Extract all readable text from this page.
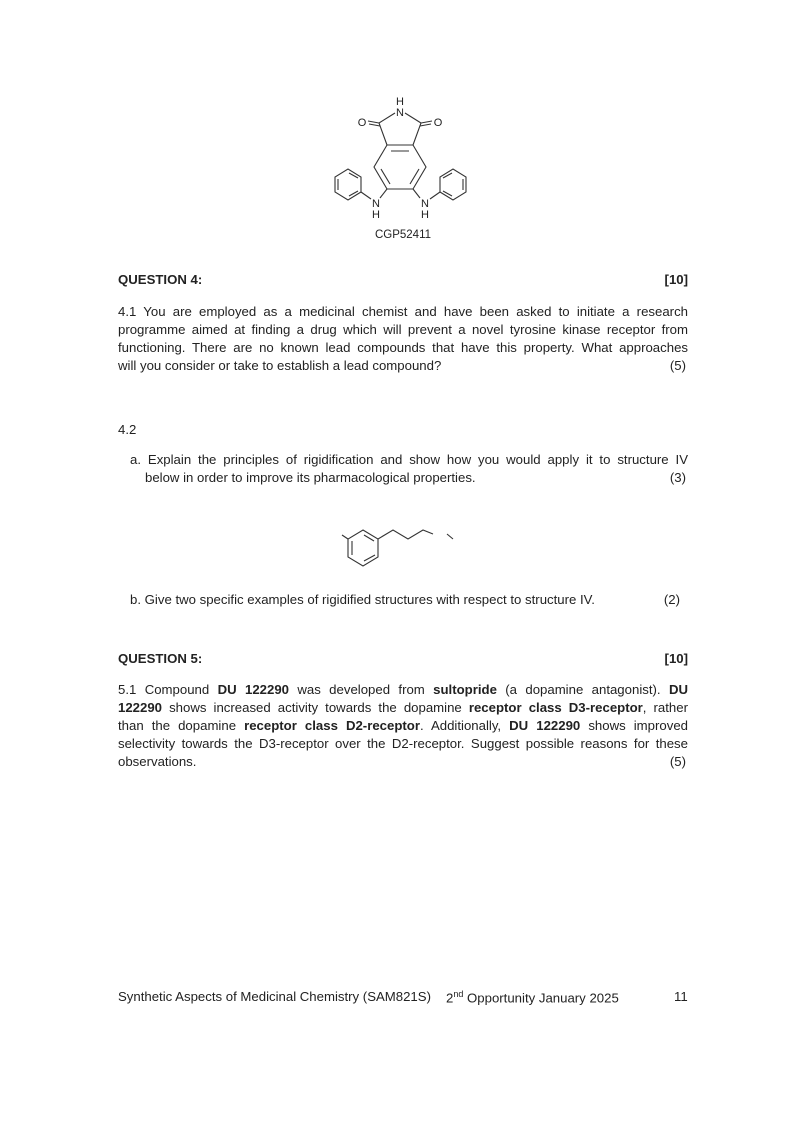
N
H
O	O
N
H
N
H
CGP52411
QUESTION 4:	[10]
4.1 You are employed as a medicinal chemist and have been asked to initiate a research
programme aimed at finding a drug which will prevent a novel tyrosine kinase receptor from
functioning. There are no known lead compounds that have this property. What approaches
will you consider or take to establish a lead compound?	(5)
4.2
a. Explain the principles of rigidification and show how you would apply it to structure IV
below in order to improve its pharmacological properties.	(3)
b. Give two specific examples of rigidified structures with respect to structure IV.	(2)
QUESTION 5:	[10]
5.1 Compound DU 122290 was developed from sultopride (a dopamine antagonist). DU
122290 shows increased activity towards the dopamine receptor class D3-receptor, rather
than the dopamine receptor class D2-receptor. Additionally, DU 122290 shows improved
selectivity towards the D3-receptor over the D2-receptor. Suggest possible reasons for these
observations.	(5)
Synthetic Aspects of Medicinal Chemistry (SAM821S) 2nd Opportunity January 2025	11
